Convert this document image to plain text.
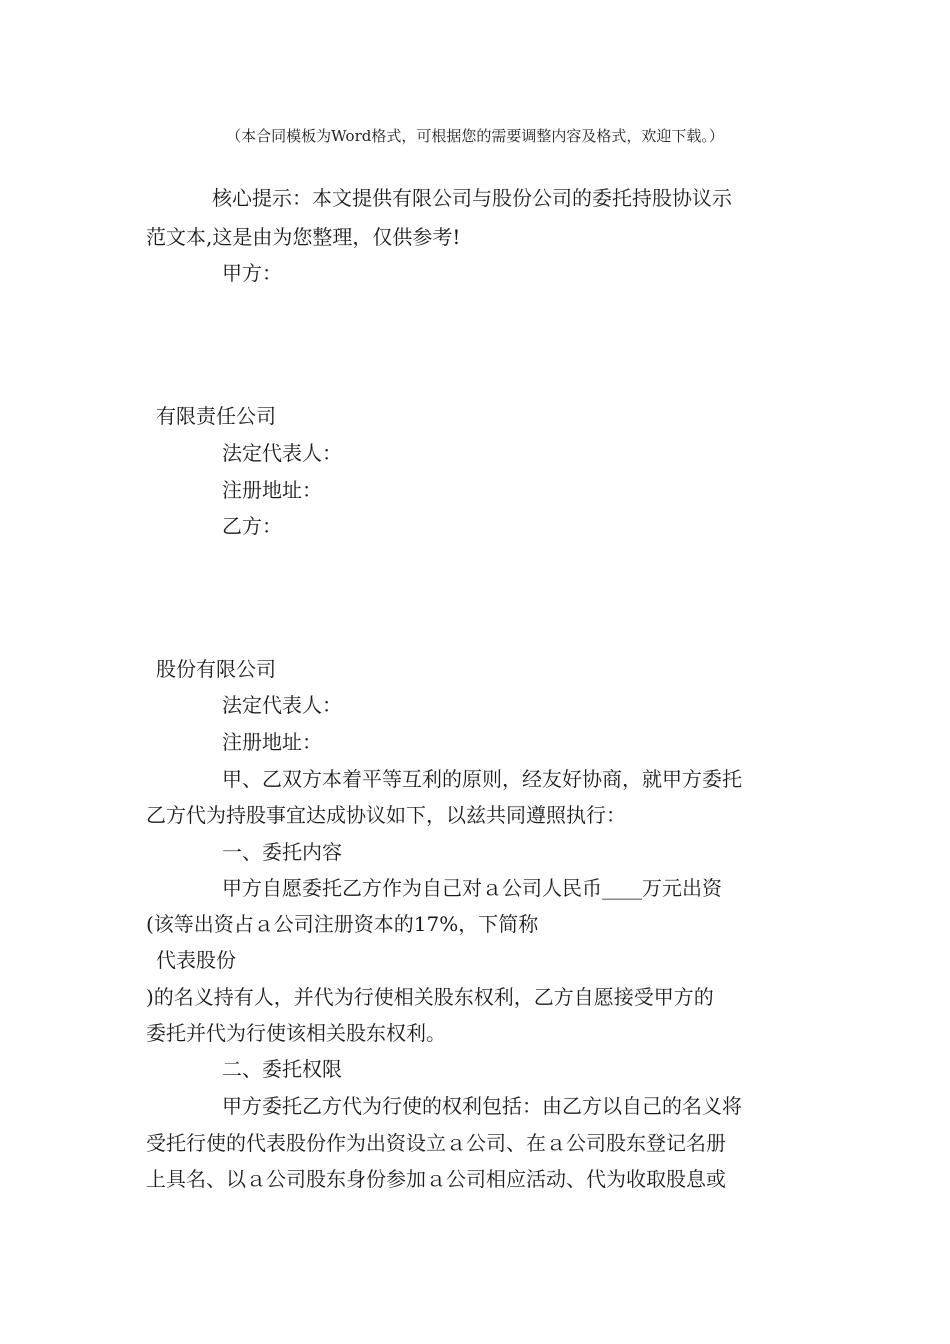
（本合同模板为Word格式，可根据您的需要调整内容及格式，欢迎下载。）
核心提示：本文提供有限公司与股份公司的委托持股协议示
范文本,这是由为您整理，仅供参考!
甲方：
有限责任公司
法定代表人：
注册地址：
乙方：
股份有限公司
法定代表人：
注册地址：
甲、乙双方本着平等互利的原则，经友好协商，就甲方委托
乙方代为持股事宜达成协议如下，以兹共同遵照执行：
一、委托内容
甲方自愿委托乙方作为自己对ａ公司人民币____万元出资
(该等出资占ａ公司注册资本的17%，下简称
代表股份
)的名义持有人，并代为行使相关股东权利，乙方自愿接受甲方的
委托并代为行使该相关股东权利。
二、委托权限
甲方委托乙方代为行使的权利包括：由乙方以自己的名义将
受托行使的代表股份作为出资设立ａ公司、在ａ公司股东登记名册
上具名、以ａ公司股东身份参加ａ公司相应活动、代为收取股息或
